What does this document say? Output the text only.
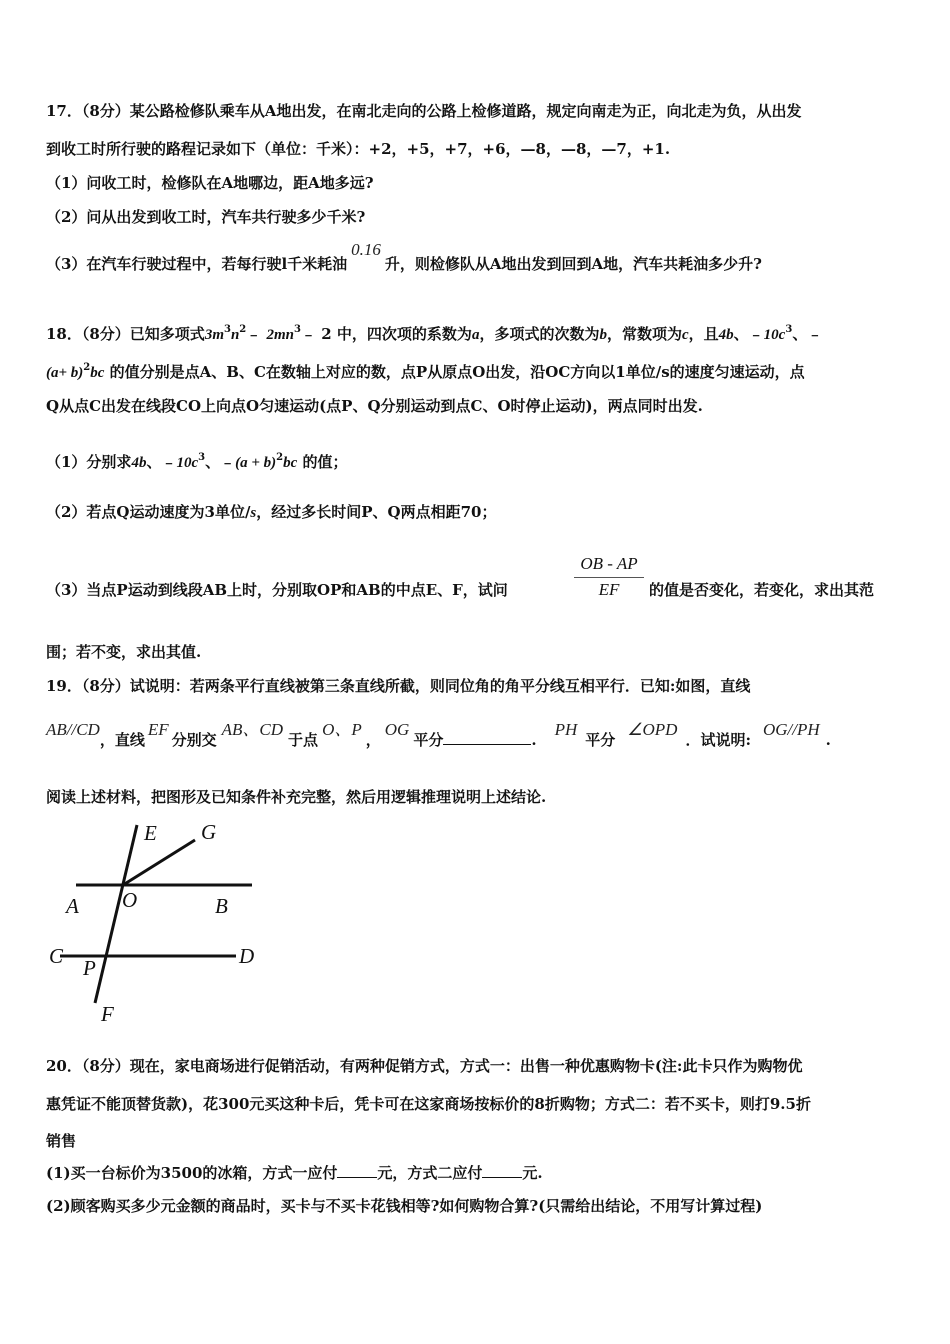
17．（8分）某公路检修队乘车从A地出发，在南北走向的公路上检修道路，规定向南走为正，向北走为负，从出发
到收工时所行驶的路程记录如下（单位：千米）：+2，+5，+7，+6，—8，—8，—7，+1.
（1）问收工时，检修队在A地哪边，距A地多远?
（2）问从出发到收工时，汽车共行驶多少千米?
（3）在汽车行驶过程中，若每行驶l千米耗油0.16升，则检修队从A地出发到回到A地，汽车共耗油多少升?
18．（8分）已知多项式$3m^3n^2﹣$ $2mn^3﹣$ 2 中，四次项的系数为a，多项式的次数为b，常数项为c，且4b、$﹣10c^3$、﹣
$(a+ b)^2bc$ 的值分别是点A、B、C在数轴上对应的数，点P从原点O出发，沿OC方向以1单位/s的速度匀速运动，点
Q从点C出发在线段CO上向点O匀速运动(点P、Q分别运动到点C、O时停止运动)，两点同时出发.
（1）分别求4b、$﹣10c^3$、﹣(a + b)$^2$bc 的值；
（2）若点Q运动速度为3单位/s，经过多长时间P、Q两点相距70；
（3）当点P运动到线段AB上时，分别取OP和AB的中点E、F，试问
OB - AP
EF	的值是否变化，若变化，求出其范
围；若不变，求出其值.
19．（8分）试说明：若两条平行直线被第三条直线所截，则同位角的角平分线互相平行．已知:如图，直线
AB//CD，直线EF分别交AB、CD于点O、P，OG平分	.PH平分∠OPD．试说明:OG//PH.
阅读上述材料，把图形及已知条件补充完整，然后用逻辑推理说明上述结论.
E G
A O	B
C P	D
F
20．（8分）现在，家电商场进行促销活动，有两种促销方式，方式一：出售一种优惠购物卡(注:此卡只作为购物优
惠凭证不能顶替货款)，花300元买这种卡后，凭卡可在这家商场按标价的8折购物；方式二：若不买卡，则打9.5折
销售
(1)买一台标价为3500的冰箱，方式一应付	元，方式二应付	元.
(2)顾客购买多少元金额的商品时，买卡与不买卡花钱相等?如何购物合算?(只需给出结论，不用写计算过程)
